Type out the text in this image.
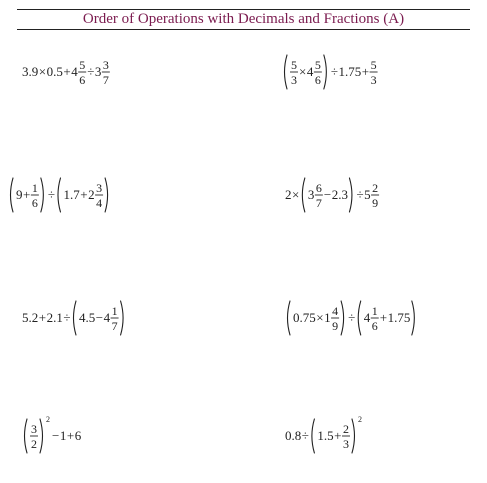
Order of Operations with Decimals and Fractions (A)
3.9 × 0.5 + 4 5
6
÷ 3 3
7
5
3
× 4 5
6
÷ 1.75 + 5
3
9 + 1
6
÷ 1.7 + 2 3
4
2 × 3 6
7
− 2.3 ÷ 5 2
9
5.2 + 2.1 ÷ 4.5 − 4 1
7
0.75 × 1 4
9
÷ 4 1
6
+ 1.75
3
2
2
− 1 + 6	0.8 ÷ 1.5 + 2
3
2
